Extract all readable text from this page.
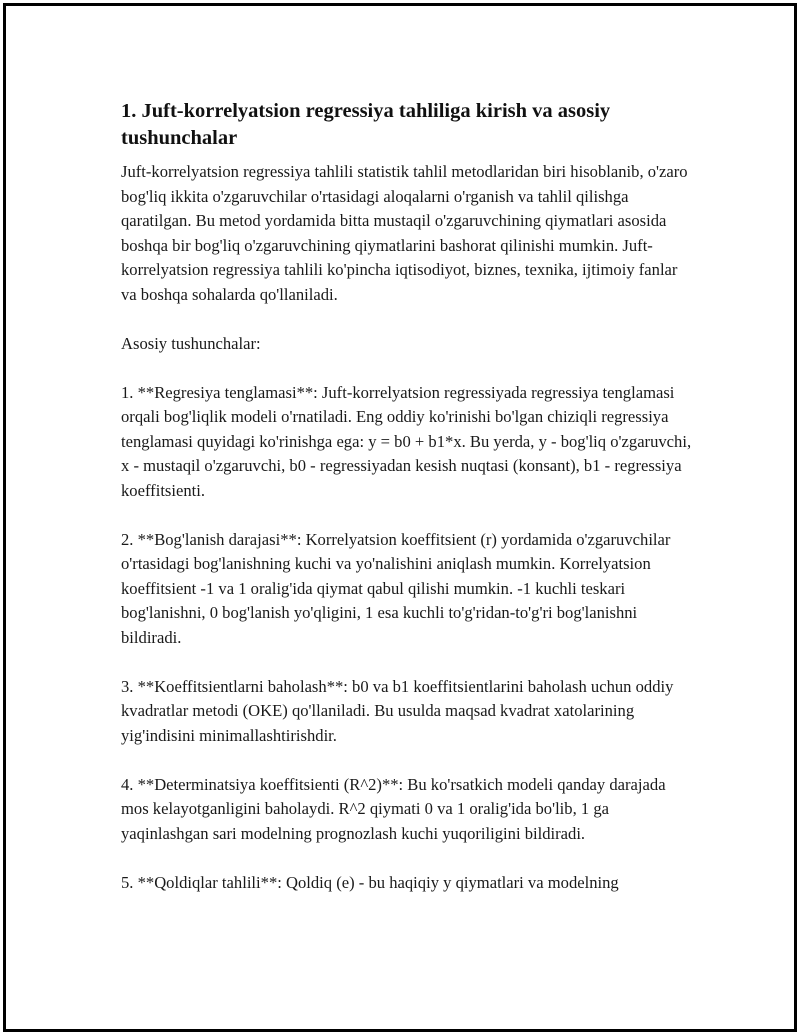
1. Juft-korrelyatsion regressiya tahliliga kirish va asosiy tushunchalar

Juft-korrelyatsion regressiya tahlili statistik tahlil metodlaridan biri hisoblanib, o'zaro bog'liq ikkita o'zgaruvchilar o'rtasidagi aloqalarni o'rganish va tahlil qilishga qaratilgan. Bu metod yordamida bitta mustaqil o'zgaruvchining qiymatlari asosida boshqa bir bog'liq o'zgaruvchining qiymatlarini bashorat qilinishi mumkin. Juft-korrelyatsion regressiya tahlili ko'pincha iqtisodiyot, biznes, texnika, ijtimoiy fanlar va boshqa sohalarda qo'llaniladi.

Asosiy tushunchalar:

1. **Regresiya tenglamasi**: Juft-korrelyatsion regressiyada regressiya tenglamasi orqali bog'liqlik modeli o'rnatiladi. Eng oddiy ko'rinishi bo'lgan chiziqli regressiya tenglamasi quyidagi ko'rinishga ega: y = b0 + b1*x. Bu yerda, y - bog'liq o'zgaruvchi, x - mustaqil o'zgaruvchi, b0 - regressiyadan kesish nuqtasi (konsant), b1 - regressiya koeffitsienti.

2. **Bog'lanish darajasi**: Korrelyatsion koeffitsient (r) yordamida o'zgaruvchilar o'rtasidagi bog'lanishning kuchi va yo'nalishini aniqlash mumkin. Korrelyatsion koeffitsient -1 va 1 oralig'ida qiymat qabul qilishi mumkin. -1 kuchli teskari bog'lanishni, 0 bog'lanish yo'qligini, 1 esa kuchli to'g'ridan-to'g'ri bog'lanishni bildiradi.

3. **Koeffitsientlarni baholash**: b0 va b1 koeffitsientlarini baholash uchun oddiy kvadratlar metodi (OKE) qo'llaniladi. Bu usulda maqsad kvadrat xatolarining yig'indisini minimallashtirishdir.

4. **Determinatsiya koeffitsienti (R^2)**: Bu ko'rsatkich modeli qanday darajada mos kelayotganligini baholaydi. R^2 qiymati 0 va 1 oralig'ida bo'lib, 1 ga yaqinlashgan sari modelning prognozlash kuchi yuqoriligini bildiradi.

5. **Qoldiqlar tahlili**: Qoldiq (e) - bu haqiqiy y qiymatlari va modelning
